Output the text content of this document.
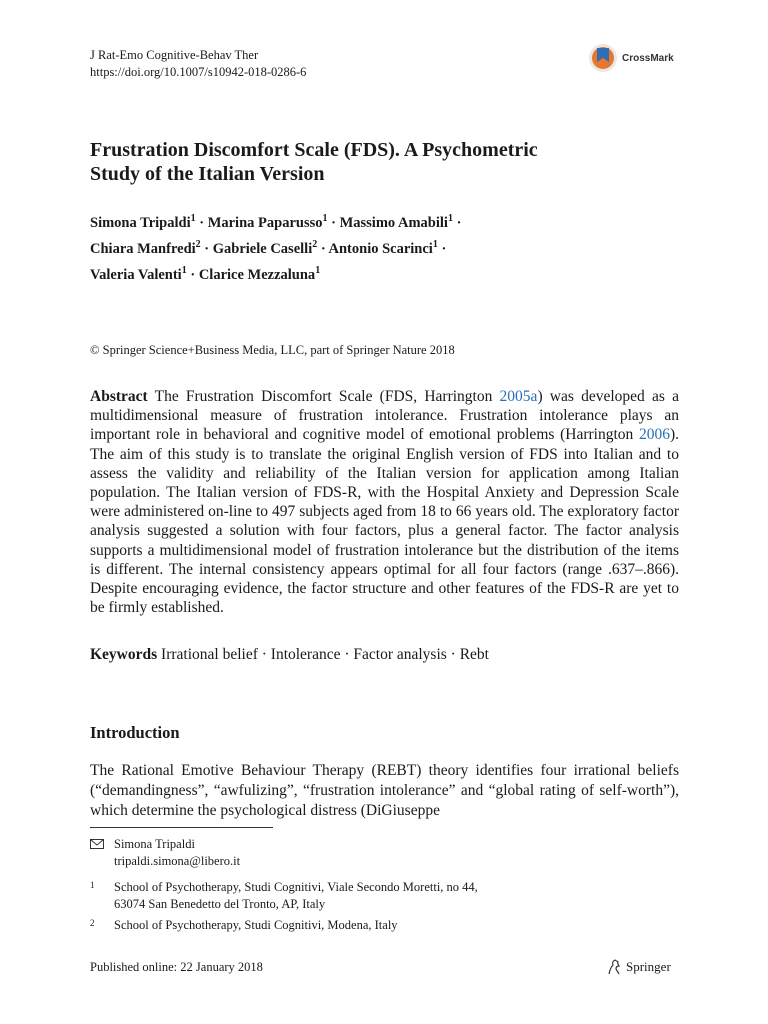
J Rat-Emo Cognitive-Behav Ther
https://doi.org/10.1007/s10942-018-0286-6
CrossMark
Frustration Discomfort Scale (FDS). A Psychometric
Study of the Italian Version
Simona Tripaldi$^1$ · Marina Paparusso$^1$ · Massimo Amabili$^1$ ·
Chiara Manfredi$^2$ · Gabriele Caselli$^2$ · Antonio Scarinci$^1$ ·
Valeria Valenti$^1$ · Clarice Mezzaluna$^1$
© Springer Science+Business Media, LLC, part of Springer Nature 2018
Abstract The Frustration Discomfort Scale (FDS, Harrington 2005a) was developed as a multidimensional measure of frustration intolerance. Frustration intolerance plays an important role in behavioral and cognitive model of emotional problems (Harrington 2006). The aim of this study is to translate the original English version of FDS into Italian and to assess the validity and reliability of the Italian version for application among Italian population. The Italian version of FDS-R, with the Hospital Anxiety and Depression Scale were administered on-line to 497 subjects aged from 18 to 66 years old. The exploratory factor analysis suggested a solution with four factors, plus a general factor. The factor analysis supports a multidimensional model of frustration intolerance but the distribution of the items is different. The internal consistency appears optimal for all four factors (range .637–.866). Despite encouraging evidence, the factor structure and other features of the FDS-R are yet to be firmly established.
Keywords Irrational belief · Intolerance · Factor analysis · Rebt
Introduction
The Rational Emotive Behaviour Therapy (REBT) theory identifies four irrational beliefs (“demandingness”, “awfulizing”, “frustration intolerance” and “global rating of self-worth”), which determine the psychological distress (DiGiuseppe
Simona Tripaldi
tripaldi.simona@libero.it
1 School of Psychotherapy, Studi Cognitivi, Viale Secondo Moretti, no 44,
63074 San Benedetto del Tronto, AP, Italy
2 School of Psychotherapy, Studi Cognitivi, Modena, Italy
Published online: 22 January 2018	Springer
